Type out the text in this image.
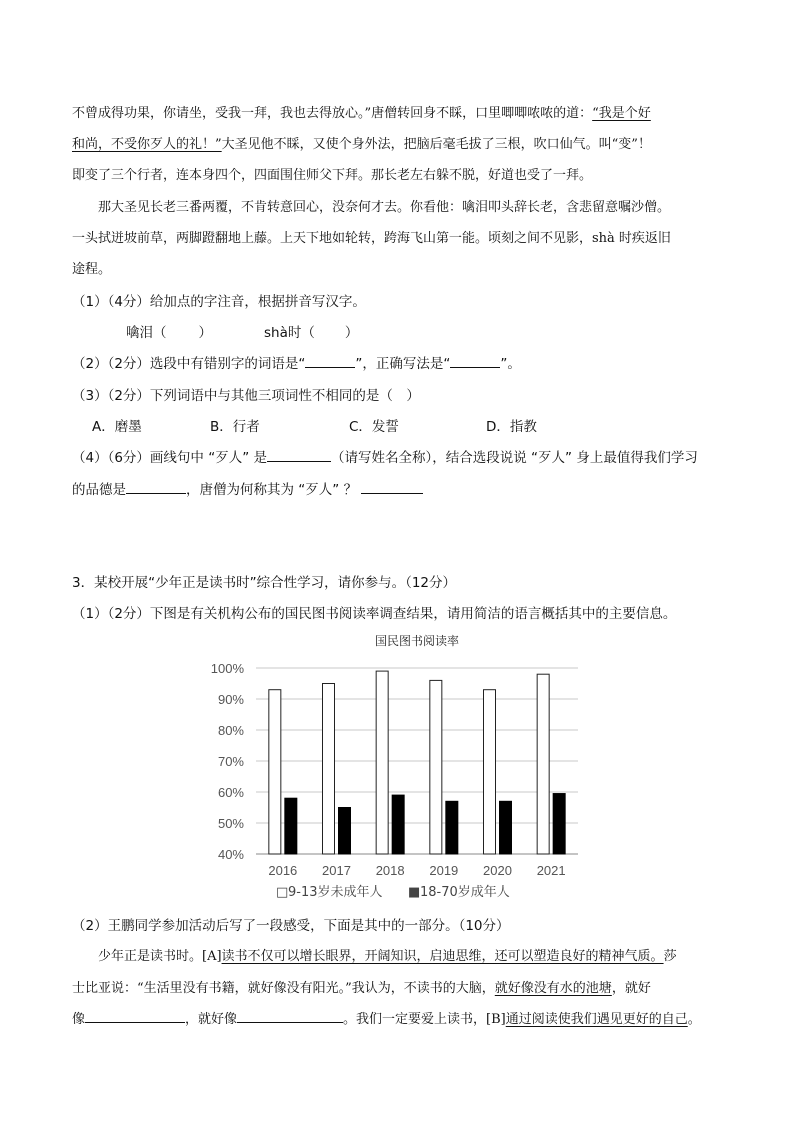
不曾成得功果，你请坐，受我一拜，我也去得放心。”唐僧转回身不睬，口里唧唧哝哝的道：“我是个好
和尚，不受你歹人的礼！”大圣见他不睬，又使个身外法，把脑后毫毛拔了三根，吹口仙气。叫“变”！
即变了三个行者，连本身四个，四面围住师父下拜。那长老左右躲不脱，好道也受了一拜。
那大圣见长老三番两覆，不肯转意回心，没奈何才去。你看他：噙泪叩头辞长老，含悲留意嘱沙僧。
一头拭迸坡前草，两脚蹬翻地上藤。上天下地如轮转，跨海飞山第一能。顷刻之间不见影，shà 时疾返旧
途程。
（1）（4分）给加点的字注音，根据拼音写汉字。
噙泪（ ）	shà时（ ）
（2）（2分）选段中有错别字的词语是“	”，正确写法是“	”。
（3）（2分）下列词语中与其他三项词性不相同的是（　）
A．磨墨	B．行者	C．发誓	D．指教
（4）（6分）画线句中 “歹人” 是	（请写姓名全称），结合选段说说 “歹人” 身上最值得我们学习
的品德是	，唐僧为何称其为 “歹人” ？
3．某校开展“少年正是读书时”综合性学习，请你参与。（12分）
（1）（2分）下图是有关机构公布的国民图书阅读率调查结果，请用简洁的语言概括其中的主要信息。
国民图书阅读率
40%
50%
60%
70%
80%
90%
100%
2016 2017 2018 2019 2020 2021
□ 9-13岁未成年人 ■ 18-70岁成年人
（2）王鹏同学参加活动后写了一段感受，下面是其中的一部分。（10分）
少年正是读书时。[A]读书不仅可以增长眼界，开阔知识，启迪思维，还可以塑造良好的精神气质。莎
士比亚说：“生活里没有书籍，就好像没有阳光。”我认为，不读书的大脑，就好像没有水的池塘，就好
像	，就好像	。我们一定要爱上读书，[B]通过阅读使我们遇见更好的自己。
